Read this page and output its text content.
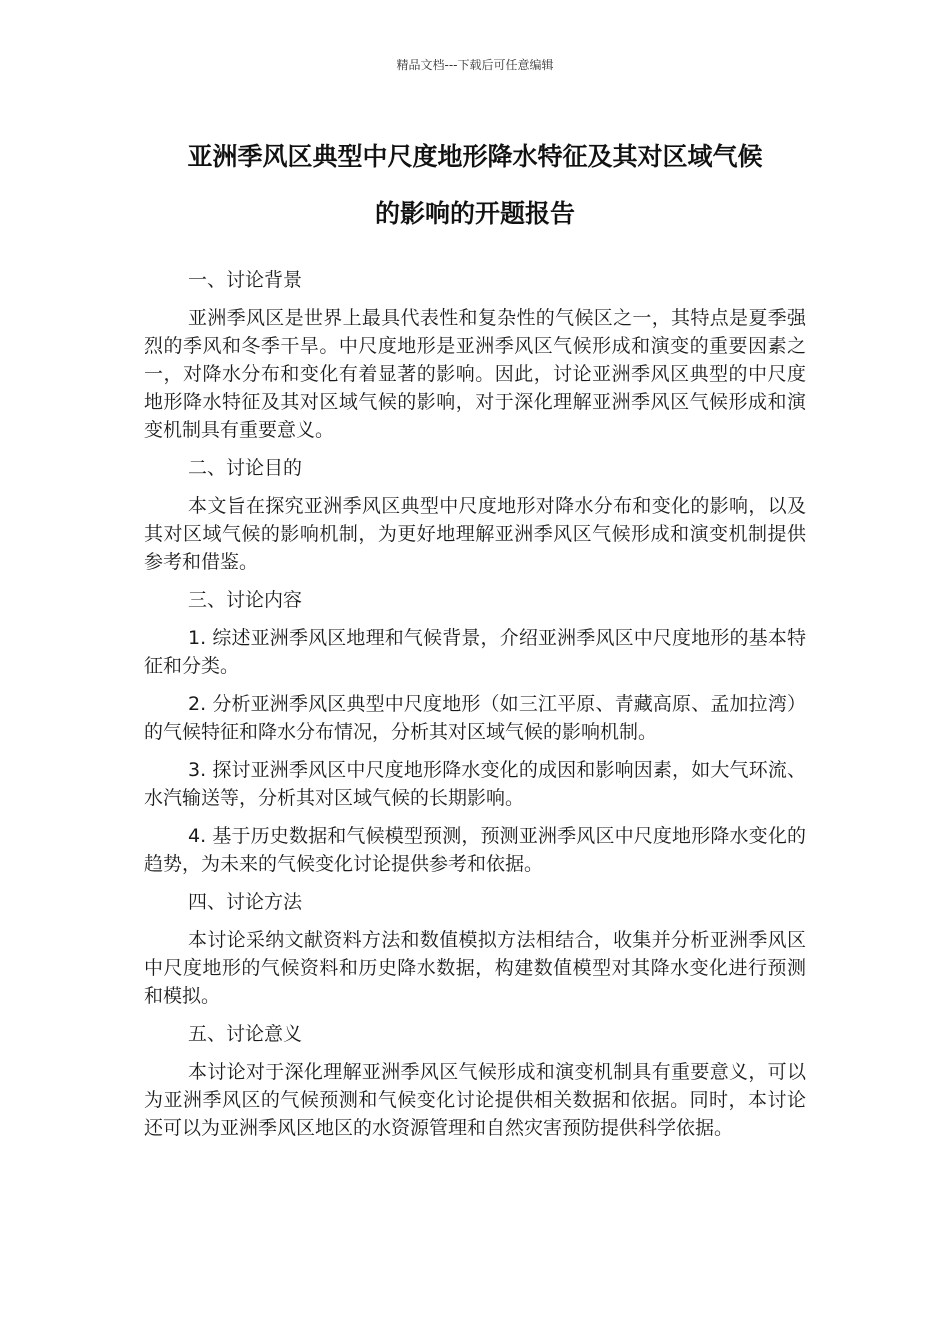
精品文档---下载后可任意编辑
亚洲季风区典型中尺度地形降水特征及其对区域气候
的影响的开题报告
一、讨论背景

亚洲季风区是世界上最具代表性和复杂性的气候区之一，其特点是夏季强烈的季风和冬季干旱。中尺度地形是亚洲季风区气候形成和演变的重要因素之一，对降水分布和变化有着显著的影响。因此，讨论亚洲季风区典型的中尺度地形降水特征及其对区域气候的影响，对于深化理解亚洲季风区气候形成和演变机制具有重要意义。

二、讨论目的

本文旨在探究亚洲季风区典型中尺度地形对降水分布和变化的影响，以及其对区域气候的影响机制，为更好地理解亚洲季风区气候形成和演变机制提供参考和借鉴。

三、讨论内容

1. 综述亚洲季风区地理和气候背景，介绍亚洲季风区中尺度地形的基本特征和分类。

2. 分析亚洲季风区典型中尺度地形（如三江平原、青藏高原、孟加拉湾）的气候特征和降水分布情况，分析其对区域气候的影响机制。

3. 探讨亚洲季风区中尺度地形降水变化的成因和影响因素，如大气环流、水汽输送等，分析其对区域气候的长期影响。

4. 基于历史数据和气候模型预测，预测亚洲季风区中尺度地形降水变化的趋势，为未来的气候变化讨论提供参考和依据。

四、讨论方法

本讨论采纳文献资料方法和数值模拟方法相结合，收集并分析亚洲季风区中尺度地形的气候资料和历史降水数据，构建数值模型对其降水变化进行预测和模拟。

五、讨论意义

本讨论对于深化理解亚洲季风区气候形成和演变机制具有重要意义，可以为亚洲季风区的气候预测和气候变化讨论提供相关数据和依据。同时，本讨论还可以为亚洲季风区地区的水资源管理和自然灾害预防提供科学依据。
